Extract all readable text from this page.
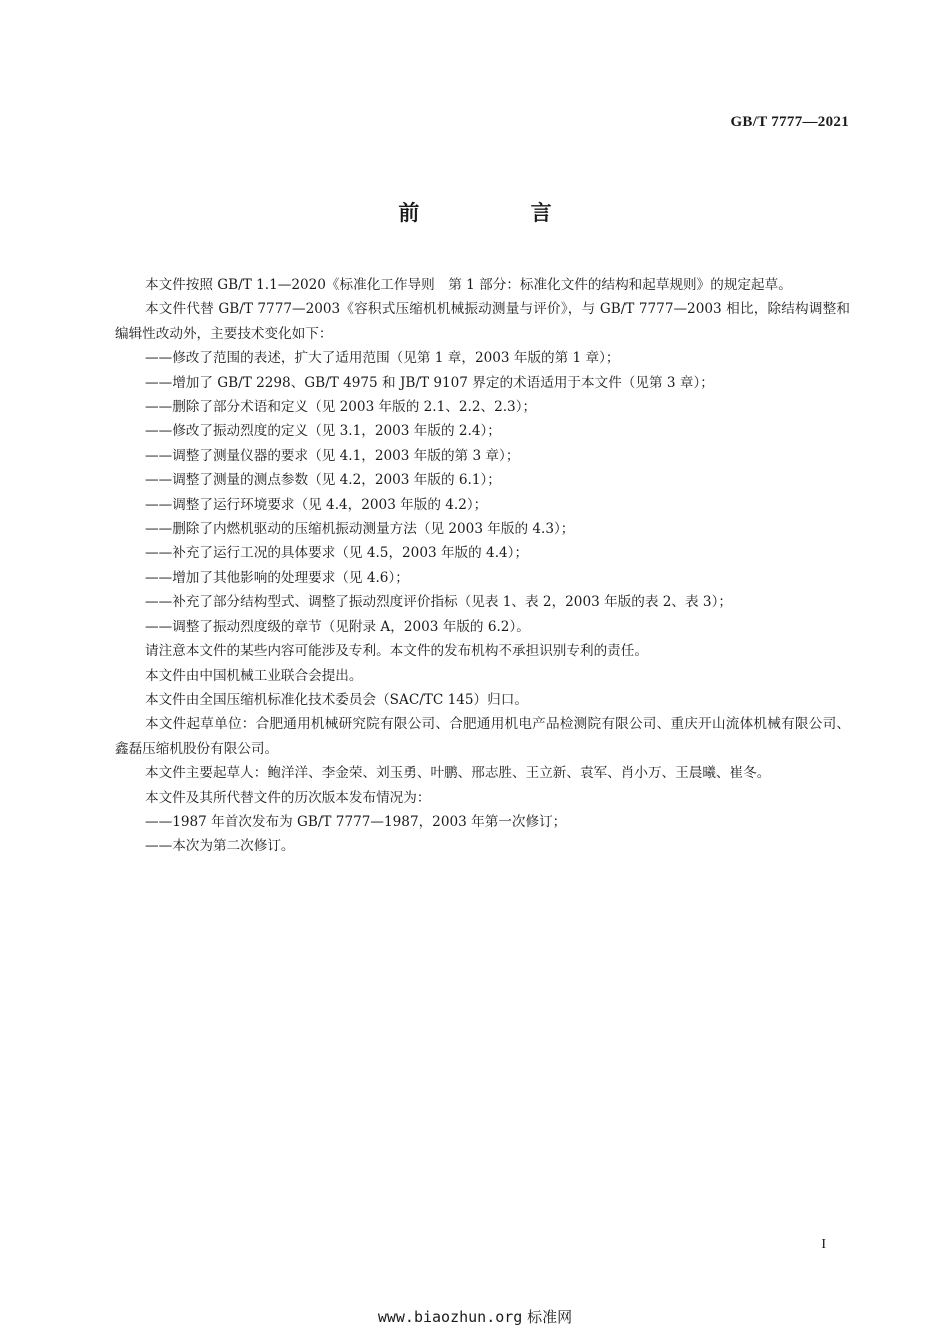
GB/T 7777—2021
前 言

本文件按照 GB/T 1.1—2020《标准化工作导则　第 1 部分：标准化文件的结构和起草规则》的规定起草。

本文件代替 GB/T 7777—2003《容积式压缩机机械振动测量与评价》，与 GB/T 7777—2003 相比，除结构调整和编辑性改动外，主要技术变化如下：

——修改了范围的表述，扩大了适用范围（见第 1 章，2003 年版的第 1 章）；

——增加了 GB/T 2298、GB/T 4975 和 JB/T 9107 界定的术语适用于本文件（见第 3 章）；

——删除了部分术语和定义（见 2003 年版的 2.1、2.2、2.3）；

——修改了振动烈度的定义（见 3.1，2003 年版的 2.4）；

——调整了测量仪器的要求（见 4.1，2003 年版的第 3 章）；

——调整了测量的测点参数（见 4.2，2003 年版的 6.1）；

——调整了运行环境要求（见 4.4，2003 年版的 4.2）；

——删除了内燃机驱动的压缩机振动测量方法（见 2003 年版的 4.3）；

——补充了运行工况的具体要求（见 4.5，2003 年版的 4.4）；

——增加了其他影响的处理要求（见 4.6）；

——补充了部分结构型式、调整了振动烈度评价指标（见表 1、表 2，2003 年版的表 2、表 3）；

——调整了振动烈度级的章节（见附录 A，2003 年版的 6.2）。

请注意本文件的某些内容可能涉及专利。本文件的发布机构不承担识别专利的责任。

本文件由中国机械工业联合会提出。

本文件由全国压缩机标准化技术委员会（SAC/TC 145）归口。

本文件起草单位：合肥通用机械研究院有限公司、合肥通用机电产品检测院有限公司、重庆开山流体机械有限公司、鑫磊压缩机股份有限公司。

本文件主要起草人：鲍洋洋、李金荣、刘玉勇、叶鹏、邢志胜、王立新、袁军、肖小万、王晨曦、崔冬。

本文件及其所代替文件的历次版本发布情况为：

——1987 年首次发布为 GB/T 7777—1987，2003 年第一次修订；

——本次为第二次修订。

I
www.biaozhun.org 标准网
